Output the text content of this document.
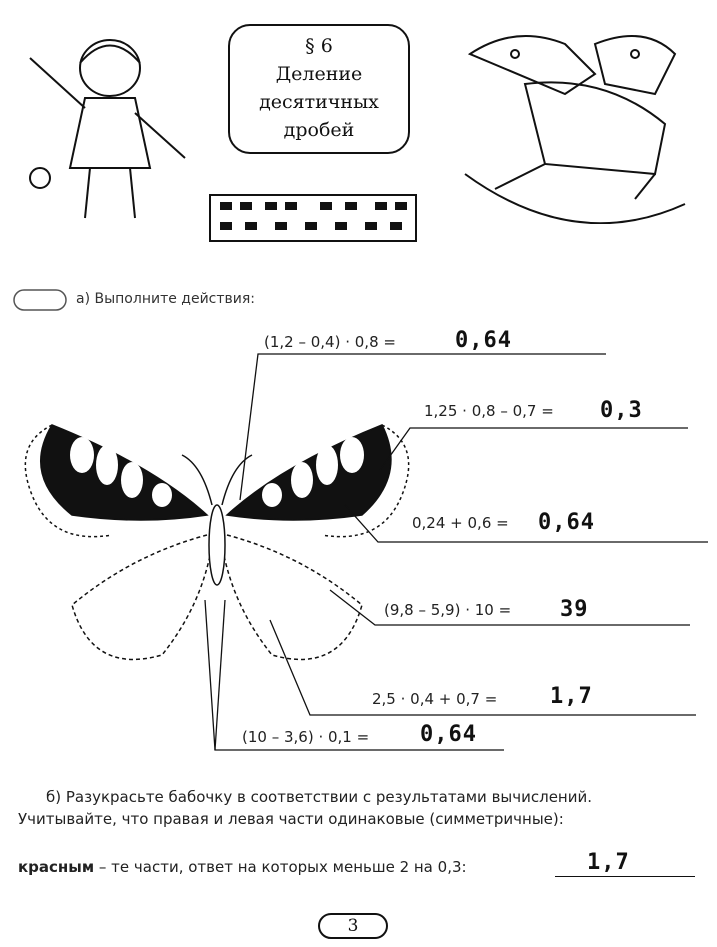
§ 6
Деление
десятичных
дробей
а) Выполните действия:
(1,2 – 0,4) · 0,8 =	0,64
1,25 · 0,8 – 0,7 = 0,3
0,24 + 0,6 = 0,64
(9,8 – 5,9) · 10 = 39
2,5 · 0,4 + 0,7 = 1,7
(10 – 3,6) · 0,1 = 0,64
б) Разукрасьте бабочку в соответствии с результатами вычислений.
Учитывайте, что правая и левая части одинаковые (симметричные):
красным – те части, ответ на которых меньше 2 на 0,3:	1,7
3
